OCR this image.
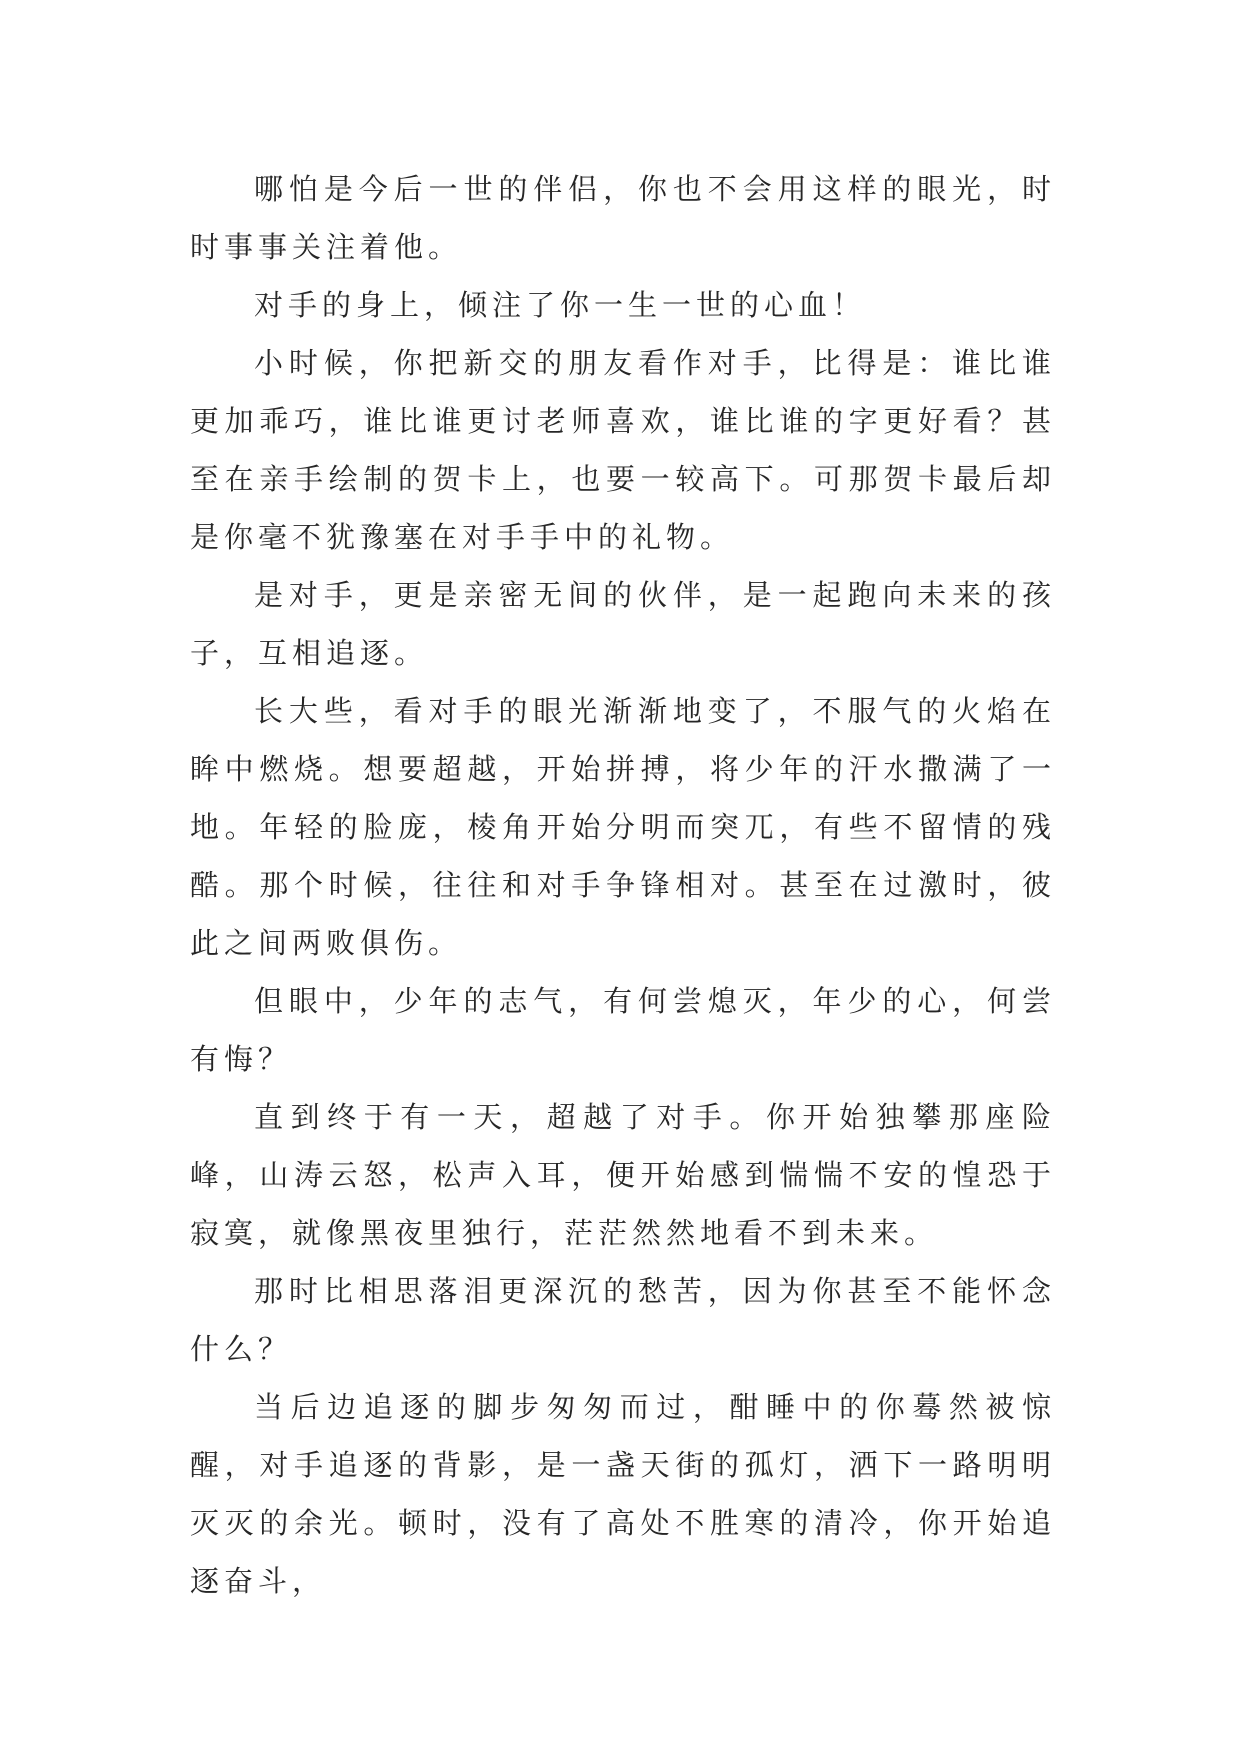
哪怕是今后一世的伴侣，你也不会用这样的眼光，时时事事关注着他。

对手的身上，倾注了你一生一世的心血！

小时候，你把新交的朋友看作对手，比得是：谁比谁更加乖巧，谁比谁更讨老师喜欢，谁比谁的字更好看？甚至在亲手绘制的贺卡上，也要一较高下。可那贺卡最后却是你毫不犹豫塞在对手手中的礼物。

是对手，更是亲密无间的伙伴，是一起跑向未来的孩子，互相追逐。

长大些，看对手的眼光渐渐地变了，不服气的火焰在眸中燃烧。想要超越，开始拼搏，将少年的汗水撒满了一地。年轻的脸庞，棱角开始分明而突兀，有些不留情的残酷。那个时候，往往和对手争锋相对。甚至在过激时，彼此之间两败俱伤。

但眼中，少年的志气，有何尝熄灭，年少的心，何尝有悔？

直到终于有一天，超越了对手。你开始独攀那座险峰，山涛云怒，松声入耳，便开始感到惴惴不安的惶恐于寂寞，就像黑夜里独行，茫茫然然地看不到未来。

那时比相思落泪更深沉的愁苦，因为你甚至不能怀念什么？

当后边追逐的脚步匆匆而过，酣睡中的你蓦然被惊醒，对手追逐的背影，是一盏天街的孤灯，洒下一路明明灭灭的余光。顿时，没有了高处不胜寒的清冷，你开始追逐奋斗，
